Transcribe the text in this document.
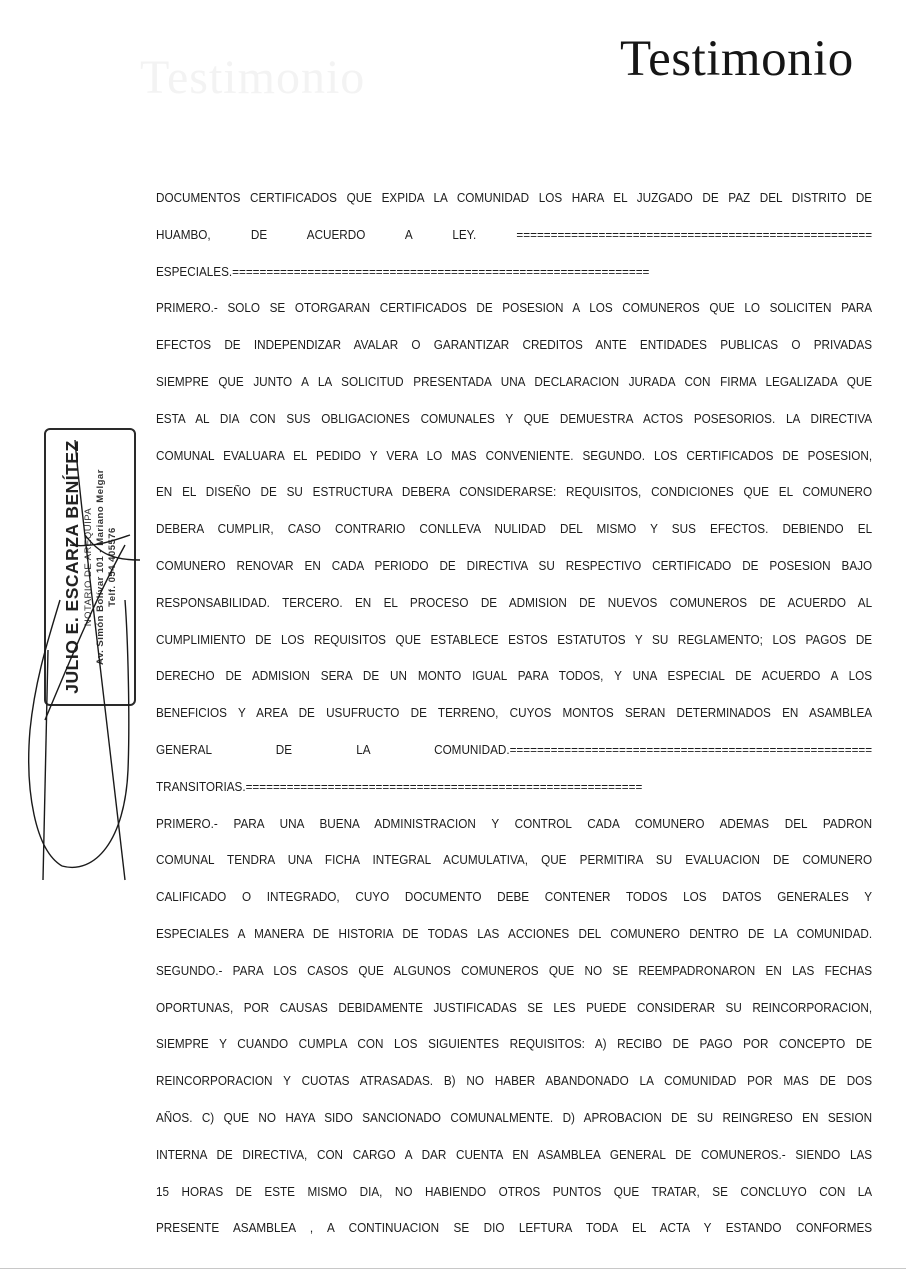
Testimonio	Testimonio
JULIO E. ESCARZA BENÍTEZ NOTARIO DE AREQUIPA Av. Simón Bolívar 101 - Mariano Melgar Telf. 054 405576
DOCUMENTOS CERTIFICADOS QUE EXPIDA LA COMUNIDAD LOS HARA EL JUZGADO DE PAZ DEL DISTRITO DE
HUAMBO, DE ACUERDO A LEY. ====================================================
ESPECIALES.=============================================================
PRIMERO.- SOLO SE OTORGARAN CERTIFICADOS DE POSESION A LOS COMUNEROS QUE LO SOLICITEN PARA
EFECTOS DE INDEPENDIZAR AVALAR O GARANTIZAR CREDITOS ANTE ENTIDADES PUBLICAS O PRIVADAS
SIEMPRE QUE JUNTO A LA SOLICITUD PRESENTADA UNA DECLARACION JURADA CON FIRMA LEGALIZADA QUE
ESTA AL DIA CON SUS OBLIGACIONES COMUNALES Y QUE DEMUESTRA ACTOS POSESORIOS. LA DIRECTIVA
COMUNAL EVALUARA EL PEDIDO Y VERA LO MAS CONVENIENTE. SEGUNDO. LOS CERTIFICADOS DE POSESION,
EN EL DISEÑO DE SU ESTRUCTURA DEBERA CONSIDERARSE: REQUISITOS, CONDICIONES QUE EL COMUNERO
DEBERA CUMPLIR, CASO CONTRARIO CONLLEVA NULIDAD DEL MISMO Y SUS EFECTOS. DEBIENDO EL
COMUNERO RENOVAR EN CADA PERIODO DE DIRECTIVA SU RESPECTIVO CERTIFICADO DE POSESION BAJO
RESPONSABILIDAD. TERCERO. EN EL PROCESO DE ADMISION DE NUEVOS COMUNEROS DE ACUERDO AL
CUMPLIMIENTO DE LOS REQUISITOS QUE ESTABLECE ESTOS ESTATUTOS Y SU REGLAMENTO; LOS PAGOS DE
DERECHO DE ADMISION SERA DE UN MONTO IGUAL PARA TODOS, Y UNA ESPECIAL DE ACUERDO A LOS
BENEFICIOS Y AREA DE USUFRUCTO DE TERRENO, CUYOS MONTOS SERAN DETERMINADOS EN ASAMBLEA
GENERAL DE LA COMUNIDAD.=====================================================
TRANSITORIAS.==========================================================
PRIMERO.- PARA UNA BUENA ADMINISTRACION Y CONTROL CADA COMUNERO ADEMAS DEL PADRON
COMUNAL TENDRA UNA FICHA INTEGRAL ACUMULATIVA, QUE PERMITIRA SU EVALUACION DE COMUNERO
CALIFICADO O INTEGRADO, CUYO DOCUMENTO DEBE CONTENER TODOS LOS DATOS GENERALES Y
ESPECIALES A MANERA DE HISTORIA DE TODAS LAS ACCIONES DEL COMUNERO DENTRO DE LA COMUNIDAD.
SEGUNDO.- PARA LOS CASOS QUE ALGUNOS COMUNEROS QUE NO SE REEMPADRONARON EN LAS FECHAS
OPORTUNAS, POR CAUSAS DEBIDAMENTE JUSTIFICADAS SE LES PUEDE CONSIDERAR SU REINCORPORACION,
SIEMPRE Y CUANDO CUMPLA CON LOS SIGUIENTES REQUISITOS: A) RECIBO DE PAGO POR CONCEPTO DE
REINCORPORACION Y CUOTAS ATRASADAS. B) NO HABER ABANDONADO LA COMUNIDAD POR MAS DE DOS
AÑOS. C) QUE NO HAYA SIDO SANCIONADO COMUNALMENTE. D) APROBACION DE SU REINGRESO EN SESION
INTERNA DE DIRECTIVA, CON CARGO A DAR CUENTA EN ASAMBLEA GENERAL DE COMUNEROS.- SIENDO LAS
15 HORAS DE ESTE MISMO DIA, NO HABIENDO OTROS PUNTOS QUE TRATAR, SE CONCLUYO CON LA
PRESENTE ASAMBLEA , A CONTINUACION SE DIO LEFTURA TODA EL ACTA Y ESTANDO CONFORMES
